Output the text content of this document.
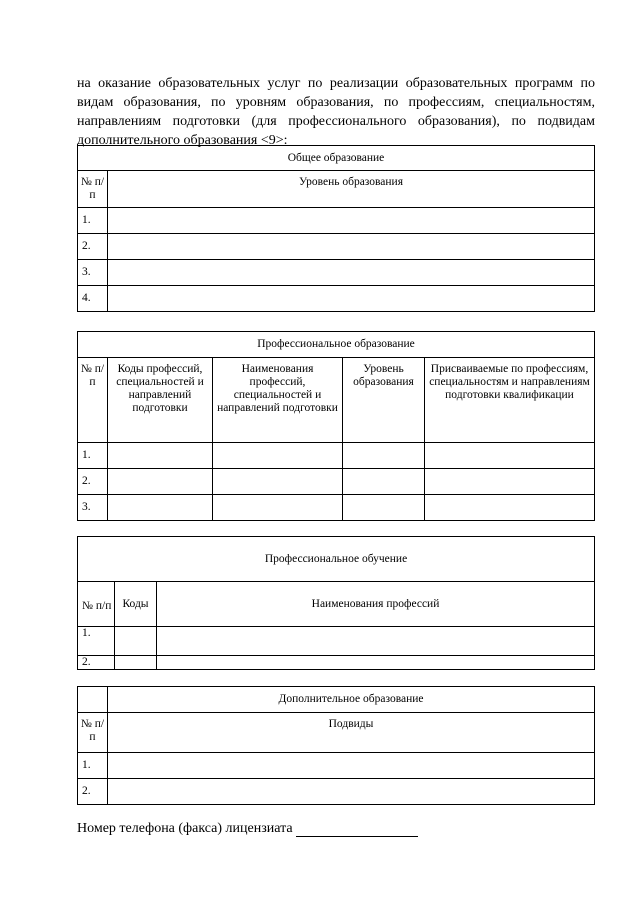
на оказание образовательных услуг по реализации образовательных программ по видам образования, по уровням образования, по профессиям, специальностям, направлениям подготовки (для профессионального образования), по подвидам дополнительного образования <9>:

Общее образование	
№ п/п	Уровень образования
1.	
2.	
3.	
4.	
Профессиональное образование				
№ п/п	Коды профессий, специальностей и направлений подготовки	Наименования профессий, специальностей и направлений подготовки	Уровень образования	Присваиваемые по профессиям, специальностям и направлениям подготовки квалификации
1.				
2.				
3.				
Профессиональное обучение		
№ п/п	Коды	Наименования профессий
1.		
2.		
	Дополнительное образование
№ п/п	Подвиды
1.	
2.	

Номер телефона (факса) лицензиата
